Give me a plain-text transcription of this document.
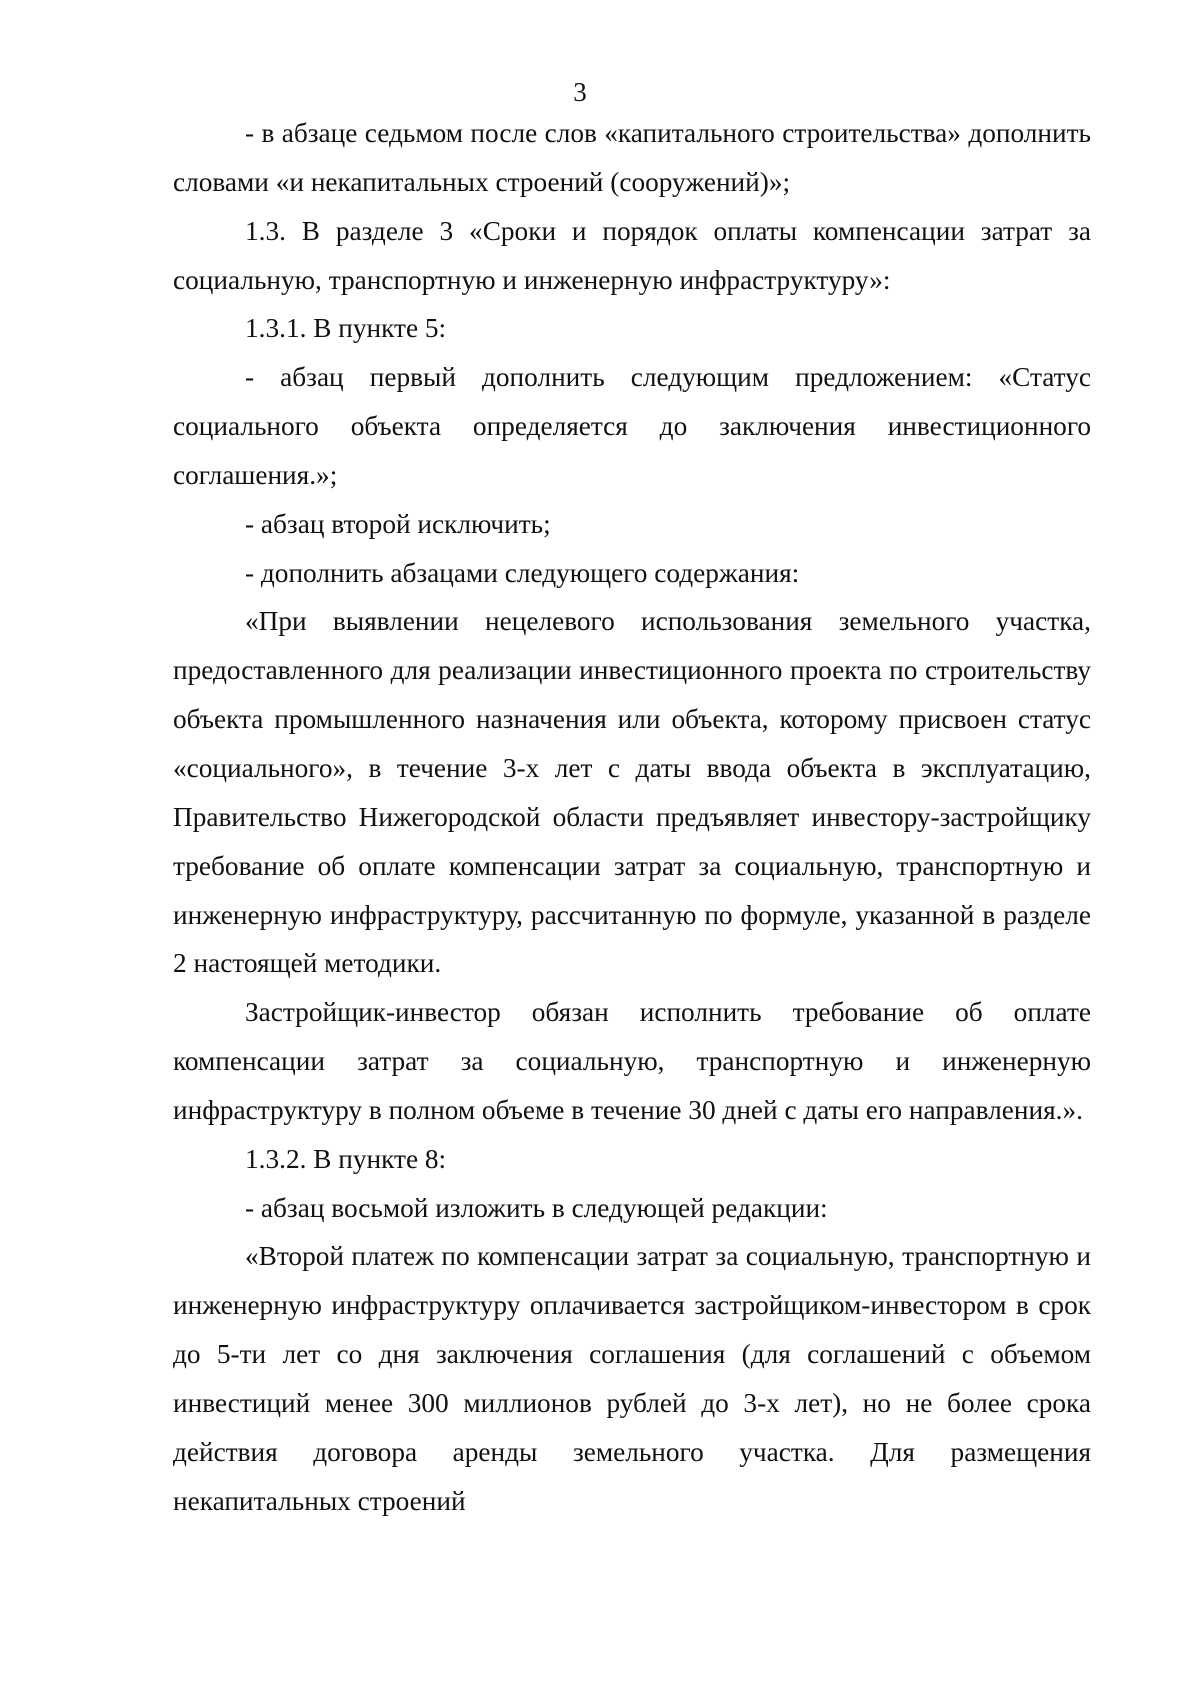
3

- в абзаце седьмом после слов «капитального строительства» дополнить словами «и некапитальных строений (сооружений)»;

1.3. В разделе 3 «Сроки и порядок оплаты компенсации затрат за социальную, транспортную и инженерную инфраструктуру»:

1.3.1. В пункте 5:

- абзац первый дополнить следующим предложением: «Статус социального объекта определяется до заключения инвестиционного соглашения.»;

- абзац второй исключить;

- дополнить абзацами следующего содержания:

«При выявлении нецелевого использования земельного участка, предоставленного для реализации инвестиционного проекта по строительству объекта промышленного назначения или объекта, которому присвоен статус «социального», в течение 3-х лет с даты ввода объекта в эксплуатацию, Правительство Нижегородской области предъявляет инвестору-застройщику требование об оплате компенсации затрат за социальную, транспортную и инженерную инфраструктуру, рассчитанную по формуле, указанной в разделе 2 настоящей методики.

Застройщик-инвестор обязан исполнить требование об оплате компенсации затрат за социальную, транспортную и инженерную инфраструктуру в полном объеме в течение 30 дней с даты его направления.».

1.3.2. В пункте 8:

- абзац восьмой изложить в следующей редакции:

«Второй платеж по компенсации затрат за социальную, транспортную и инженерную инфраструктуру оплачивается застройщиком-инвестором в срок до 5-ти лет со дня заключения соглашения (для соглашений с объемом инвестиций менее 300 миллионов рублей до 3-х лет), но не более срока действия договора аренды земельного участка. Для размещения некапитальных строений
